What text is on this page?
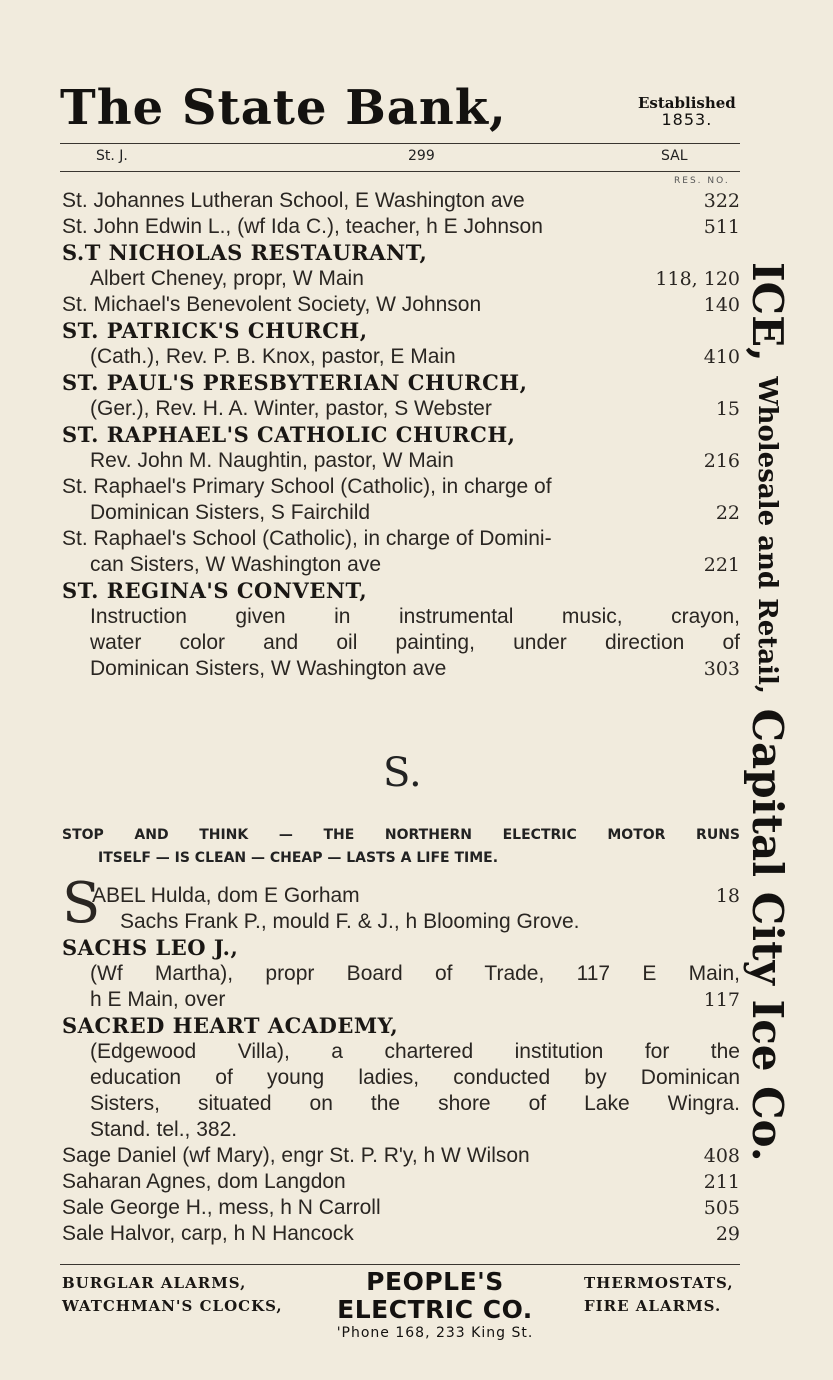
The State Bank,	Established
1853.
St. J.	299	SAL
RES. NO.
St. Johannes Lutheran School, E Washington ave	322
St. John Edwin L., (wf Ida C.), teacher, h E Johnson	511
S.T NICHOLAS RESTAURANT,
Albert Cheney, propr, W Main	118, 120
St. Michael's Benevolent Society, W Johnson	140
ST. PATRICK'S CHURCH,
(Cath.), Rev. P. B. Knox, pastor, E Main	410
ST. PAUL'S PRESBYTERIAN CHURCH,
(Ger.), Rev. H. A. Winter, pastor, S Webster	15
ST. RAPHAEL'S CATHOLIC CHURCH,
Rev. John M. Naughtin, pastor, W Main	216
St. Raphael's Primary School (Catholic), in charge of
Dominican Sisters, S Fairchild	22
St. Raphael's School (Catholic), in charge of Domini-
can Sisters, W Washington ave	221
ST. REGINA'S CONVENT,
Instruction given in instrumental music, crayon,
water color and oil painting, under direction of
Dominican Sisters, W Washington ave	303
S.
STOP AND THINK — THE NORTHERN ELECTRIC MOTOR RUNS
ITSELF — IS CLEAN — CHEAP — LASTS A LIFE TIME.
S
ABEL Hulda, dom E Gorham	18
Sachs Frank P., mould F. & J., h Blooming Grove.
SACHS LEO J.,
(Wf Martha), propr Board of Trade, 117 E Main,
h E Main, over	117
SACRED HEART ACADEMY,
(Edgewood Villa), a chartered institution for the
education of young ladies, conducted by Dominican
Sisters, situated on the shore of Lake Wingra.
Stand. tel., 382.
Sage Daniel (wf Mary), engr St. P. R'y, h W Wilson	408
Saharan Agnes, dom Langdon	211
Sale George H., mess, h N Carroll	505
Sale Halvor, carp, h N Hancock	29
ICE, Wholesale and Retail, Capital City Ice Co.
BURGLAR ALARMS,
WATCHMAN'S CLOCKS,
PEOPLE'S ELECTRIC CO.
'Phone 168, 233 King St.
THERMOSTATS,
FIRE ALARMS.
